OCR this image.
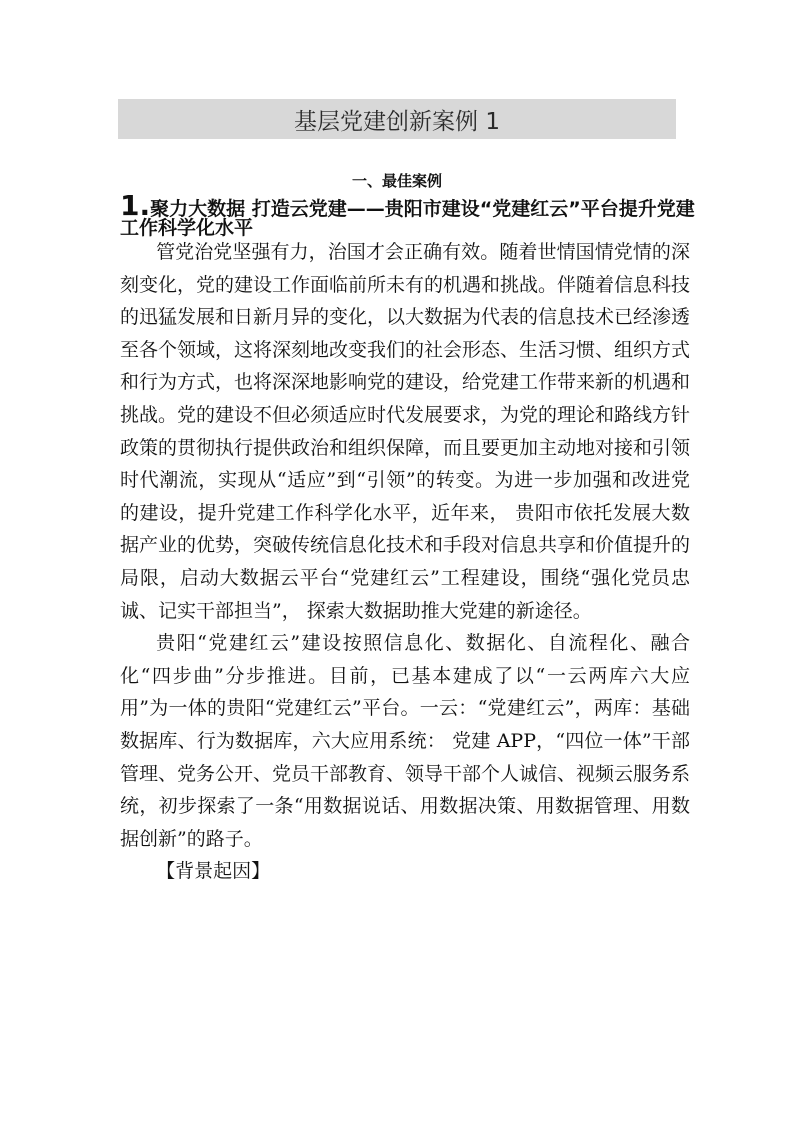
基层党建创新案例 1
一、最佳案例
1.聚力大数据 打造云党建——贵阳市建设“党建红云”平台提升党建工作科学化水平

管党治党坚强有力，治国才会正确有效。随着世情国情党情的深刻变化，党的建设工作面临前所未有的机遇和挑战。伴随着信息科技的迅猛发展和日新月异的变化，以大数据为代表的信息技术已经渗透至各个领域，这将深刻地改变我们的社会形态、生活习惯、组织方式和行为方式，也将深深地影响党的建设，给党建工作带来新的机遇和挑战。党的建设不但必须适应时代发展要求，为党的理论和路线方针政策的贯彻执行提供政治和组织保障，而且要更加主动地对接和引领时代潮流，实现从“适应”到“引领”的转变。为进一步加强和改进党的建设，提升党建工作科学化水平，近年来， 贵阳市依托发展大数据产业的优势，突破传统信息化技术和手段对信息共享和价值提升的局限，启动大数据云平台“党建红云”工程建设，围绕“强化党员忠诚、记实干部担当”， 探索大数据助推大党建的新途径。

贵阳“党建红云”建设按照信息化、数据化、自流程化、融合化“四步曲”分步推进。目前，已基本建成了以“一云两库六大应用”为一体的贵阳“党建红云”平台。一云：“党建红云”，两库：基础数据库、行为数据库，六大应用系统： 党建 APP，“四位一体”干部管理、党务公开、党员干部教育、领导干部个人诚信、视频云服务系统，初步探索了一条“用数据说话、用数据决策、用数据管理、用数据创新”的路子。

【背景起因】
